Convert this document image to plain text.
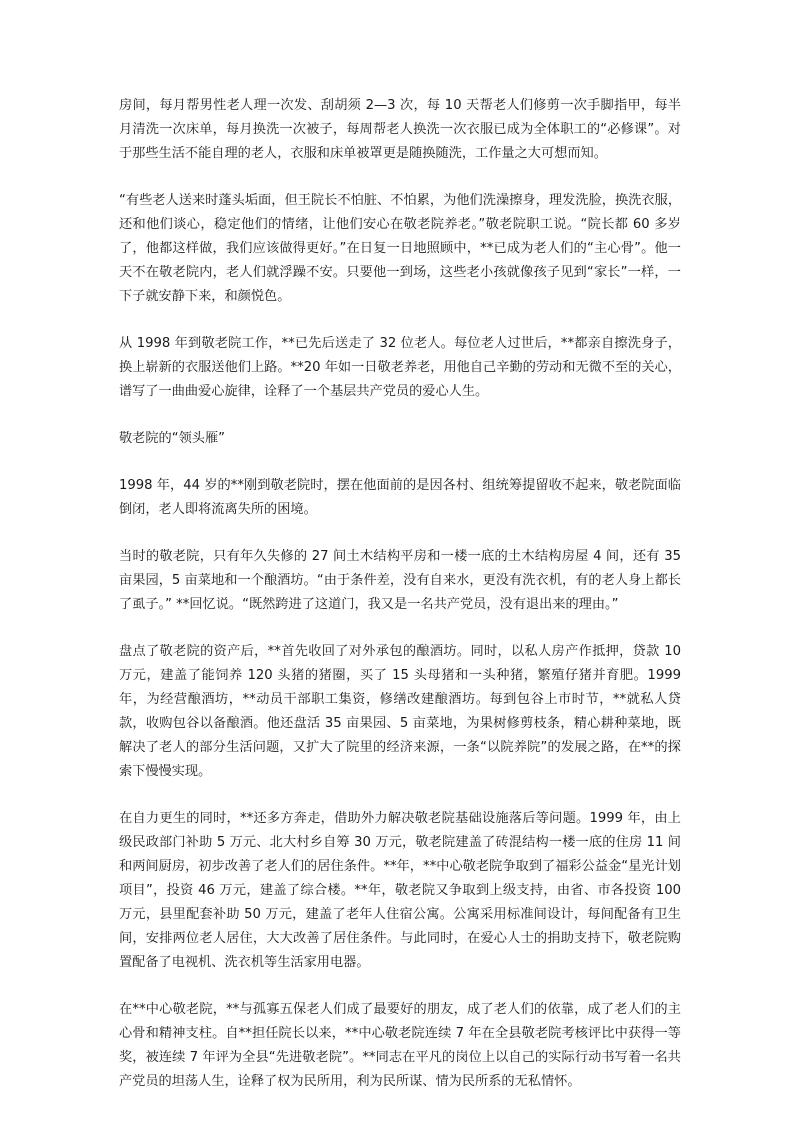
房间，每月帮男性老人理一次发、刮胡须 2—3 次，每 10 天帮老人们修剪一次手脚指甲，每半月清洗一次床单，每月换洗一次被子，每周帮老人换洗一次衣服已成为全体职工的“必修课”。对于那些生活不能自理的老人，衣服和床单被罩更是随换随洗，工作量之大可想而知。

“有些老人送来时蓬头垢面，但王院长不怕脏、不怕累，为他们洗澡擦身，理发洗脸，换洗衣服，还和他们谈心，稳定他们的情绪，让他们安心在敬老院养老。”敬老院职工说。“院长都 60 多岁了，他都这样做，我们应该做得更好。”在日复一日地照顾中，**已成为老人们的“主心骨”。他一天不在敬老院内，老人们就浮躁不安。只要他一到场，这些老小孩就像孩子见到“家长”一样，一下子就安静下来，和颜悦色。

从 1998 年到敬老院工作，**已先后送走了 32 位老人。每位老人过世后，**都亲自擦洗身子，换上崭新的衣服送他们上路。**20 年如一日敬老养老，用他自己辛勤的劳动和无微不至的关心，谱写了一曲曲爱心旋律，诠释了一个基层共产党员的爱心人生。

敬老院的“领头雁”

1998 年，44 岁的**刚到敬老院时，摆在他面前的是因各村、组统筹提留收不起来，敬老院面临倒闭，老人即将流离失所的困境。

当时的敬老院，只有年久失修的 27 间土木结构平房和一楼一底的土木结构房屋 4 间，还有 35 亩果园，5 亩菜地和一个酿酒坊。“由于条件差，没有自来水，更没有洗衣机，有的老人身上都长了虱子。” **回忆说。“既然跨进了这道门，我又是一名共产党员，没有退出来的理由。”

盘点了敬老院的资产后，**首先收回了对外承包的酿酒坊。同时，以私人房产作抵押，贷款 10 万元，建盖了能饲养 120 头猪的猪圈，买了 15 头母猪和一头种猪，繁殖仔猪并育肥。1999 年，为经营酿酒坊，**动员干部职工集资，修缮改建酿酒坊。每到包谷上市时节，**就私人贷款，收购包谷以备酿酒。他还盘活 35 亩果园、5 亩菜地，为果树修剪枝条，精心耕种菜地，既解决了老人的部分生活问题，又扩大了院里的经济来源，一条“以院养院”的发展之路，在**的探索下慢慢实现。

在自力更生的同时，**还多方奔走，借助外力解决敬老院基础设施落后等问题。1999 年，由上级民政部门补助 5 万元、北大村乡自筹 30 万元，敬老院建盖了砖混结构一楼一底的住房 11 间和两间厨房，初步改善了老人们的居住条件。**年，**中心敬老院争取到了福彩公益金“星光计划项目”，投资 46 万元，建盖了综合楼。**年，敬老院又争取到上级支持，由省、市各投资 100 万元，县里配套补助 50 万元，建盖了老年人住宿公寓。公寓采用标准间设计，每间配备有卫生间，安排两位老人居住，大大改善了居住条件。与此同时，在爱心人士的捐助支持下，敬老院购置配备了电视机、洗衣机等生活家用电器。

在**中心敬老院，**与孤寡五保老人们成了最要好的朋友，成了老人们的依靠，成了老人们的主心骨和精神支柱。自**担任院长以来，**中心敬老院连续 7 年在全县敬老院考核评比中获得一等奖，被连续 7 年评为全县“先进敬老院”。**同志在平凡的岗位上以自己的实际行动书写着一名共产党员的坦荡人生，诠释了权为民所用，利为民所谋、情为民所系的无私情怀。
